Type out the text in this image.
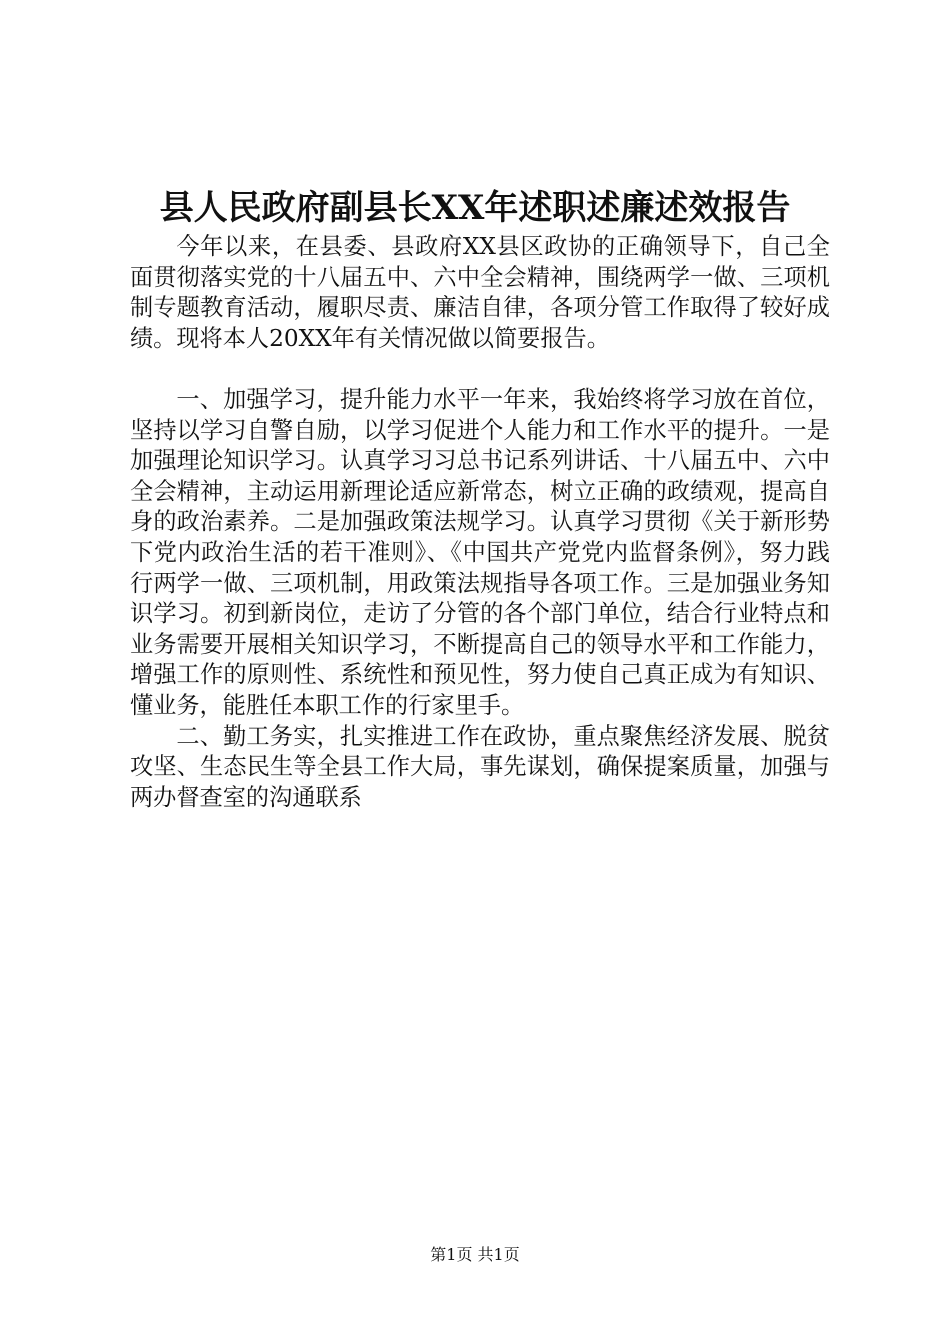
县人民政府副县长XX年述职述廉述效报告

今年以来，在县委、县政府XX县区政协的正确领导下，自己全面贯彻落实党的十八届五中、六中全会精神，围绕两学一做、三项机制专题教育活动，履职尽责、廉洁自律，各项分管工作取得了较好成绩。现将本人20XX年有关情况做以简要报告。

一、加强学习，提升能力水平一年来，我始终将学习放在首位，坚持以学习自警自励，以学习促进个人能力和工作水平的提升。一是加强理论知识学习。认真学习习总书记系列讲话、十八届五中、六中全会精神，主动运用新理论适应新常态，树立正确的政绩观，提高自身的政治素养。二是加强政策法规学习。认真学习贯彻《关于新形势下党内政治生活的若干准则》、《中国共产党党内监督条例》，努力践行两学一做、三项机制，用政策法规指导各项工作。三是加强业务知识学习。初到新岗位，走访了分管的各个部门单位，结合行业特点和业务需要开展相关知识学习，不断提高自己的领导水平和工作能力，增强工作的原则性、系统性和预见性，努力使自己真正成为有知识、懂业务，能胜任本职工作的行家里手。

二、勤工务实，扎实推进工作在政协，重点聚焦经济发展、脱贫攻坚、生态民生等全县工作大局，事先谋划，确保提案质量，加强与两办督查室的沟通联系

第1页 共1页
